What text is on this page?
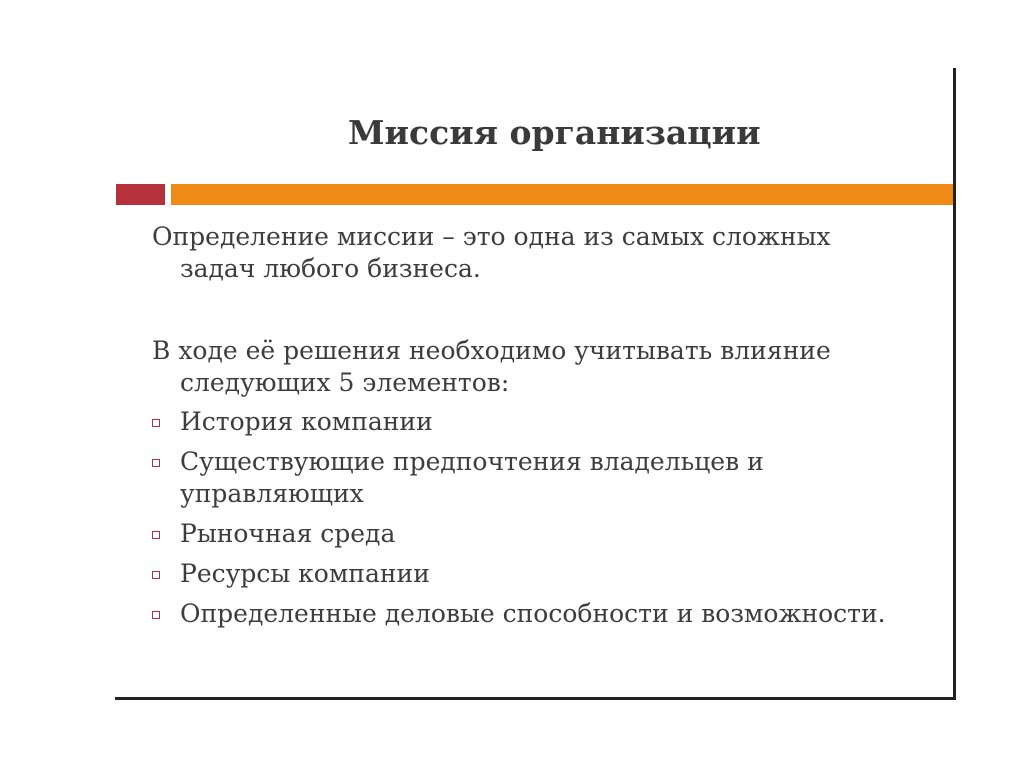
Миссия организации
Определение миссии – это одна из самых сложных
задач любого бизнеса.
В ходе её решения необходимо учитывать влияние
следующих 5 элементов:
История компании
Существующие предпочтения владельцев и
управляющих
Рыночная среда
Ресурсы компании
Определенные деловые способности и возможности.
